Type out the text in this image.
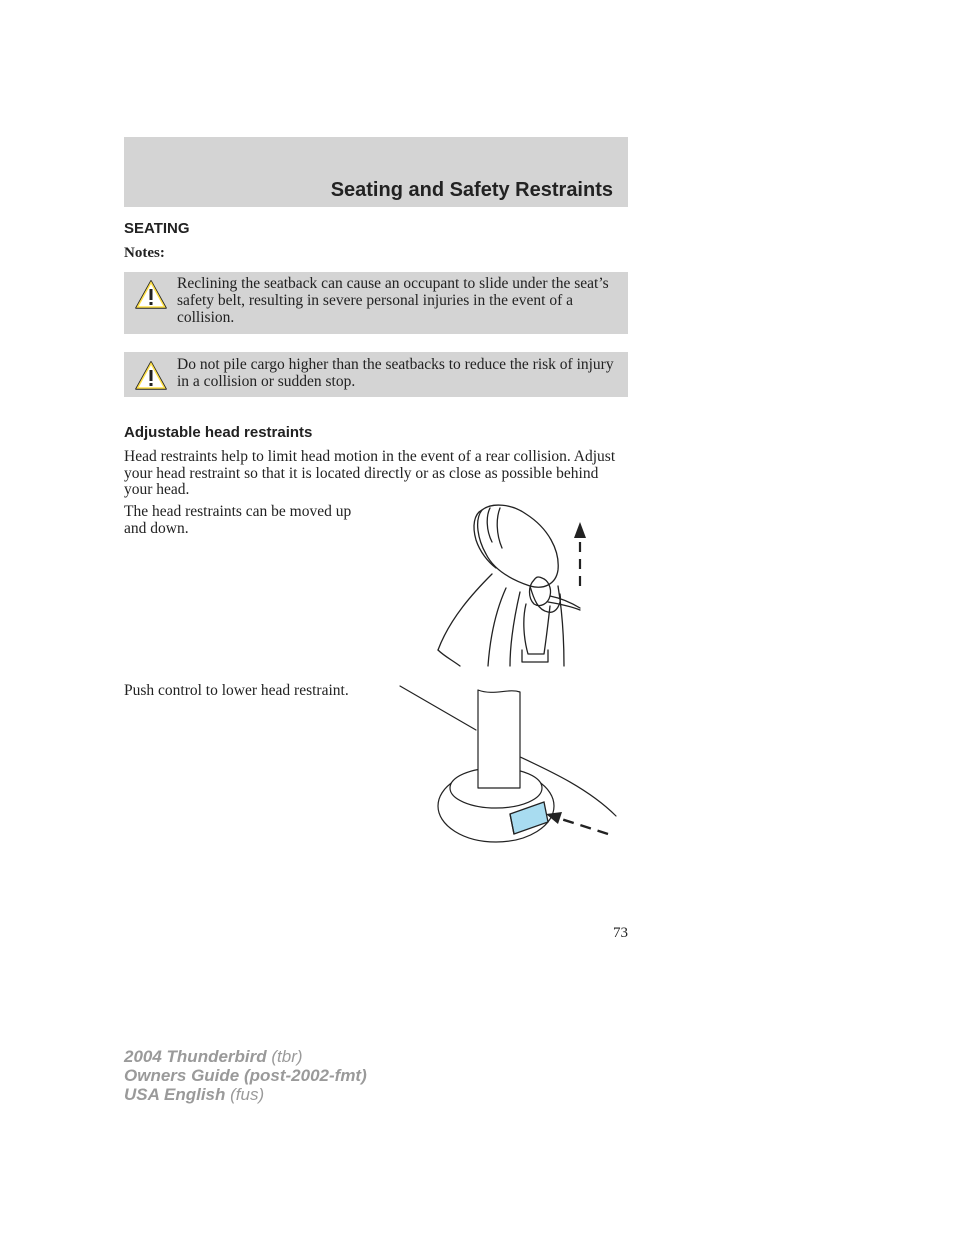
Seating and Safety Restraints
SEATING
Notes:
Reclining the seatback can cause an occupant to slide under the seat’s safety belt, resulting in severe personal injuries in the event of a collision.
Do not pile cargo higher than the seatbacks to reduce the risk of injury in a collision or sudden stop.
Adjustable head restraints
Head restraints help to limit head motion in the event of a rear collision. Adjust your head restraint so that it is located directly or as close as possible behind your head.
The head restraints can be moved up and down.
Push control to lower head restraint.
73
2004 Thunderbird (tbr)
Owners Guide (post-2002-fmt)
USA English (fus)
